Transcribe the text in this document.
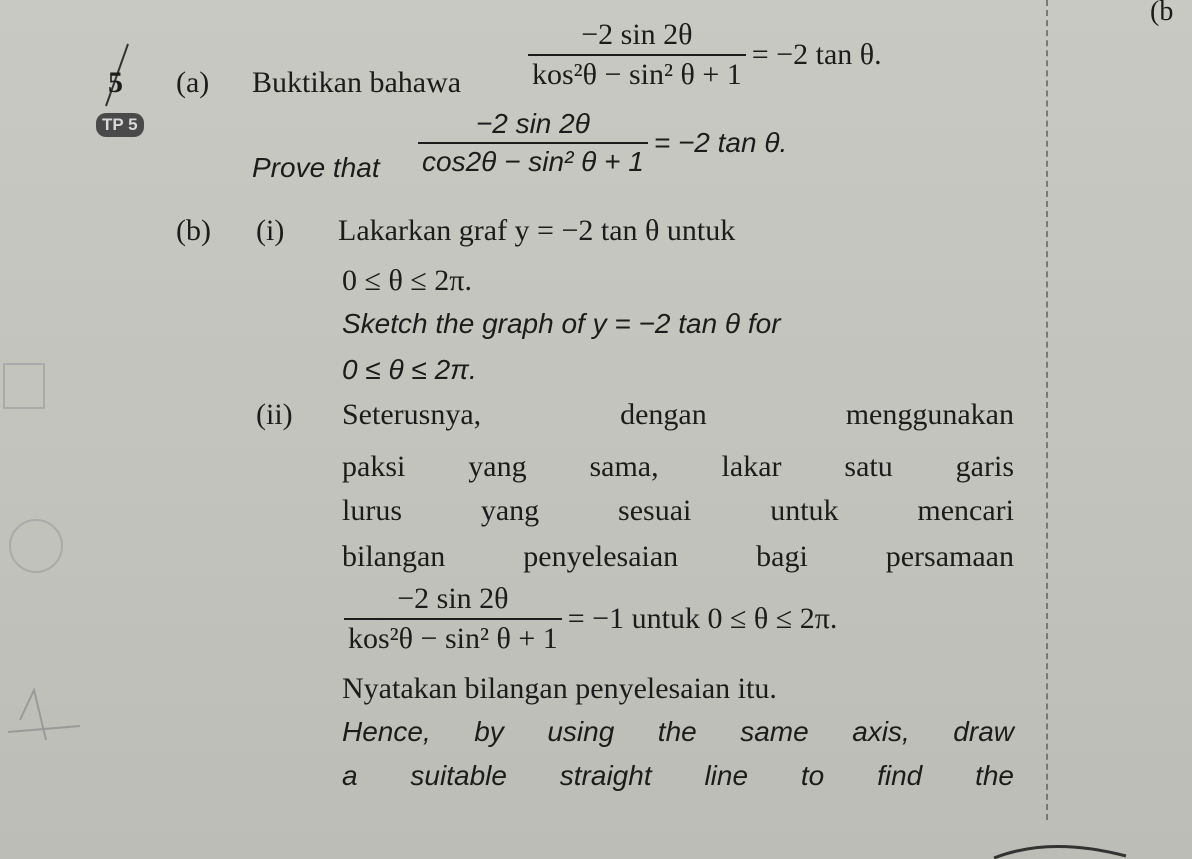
(b
5
TP 5
(a) Buktikan bahawa $\frac{-2 \sin 2\theta}{\text{kos²θ − sin² θ + 1}} = -2$ tan θ.
Prove that $\frac{-2 \sin 2\theta}{\text{cos2θ − sin² θ + 1}} = -2$ tan θ.
(b) (i) Lakarkan graf y = −2 tan θ untuk
0 ≤ θ ≤ 2π.
Sketch the graph of y = −2 tan θ for
0 ≤ θ ≤ 2π.
(ii) Seterusnya, dengan menggunakan
paksi yang sama, lakar satu garis
lurus yang sesuai untuk mencari
bilangan penyelesaian bagi persamaan
$\frac{-2 \sin 2\theta}{\text{kos²θ − sin² θ + 1}} = -1$ untuk 0 ≤ θ ≤ 2π.
Nyatakan bilangan penyelesaian itu.
Hence, by using the same axis, draw
a suitable straight line to find the
